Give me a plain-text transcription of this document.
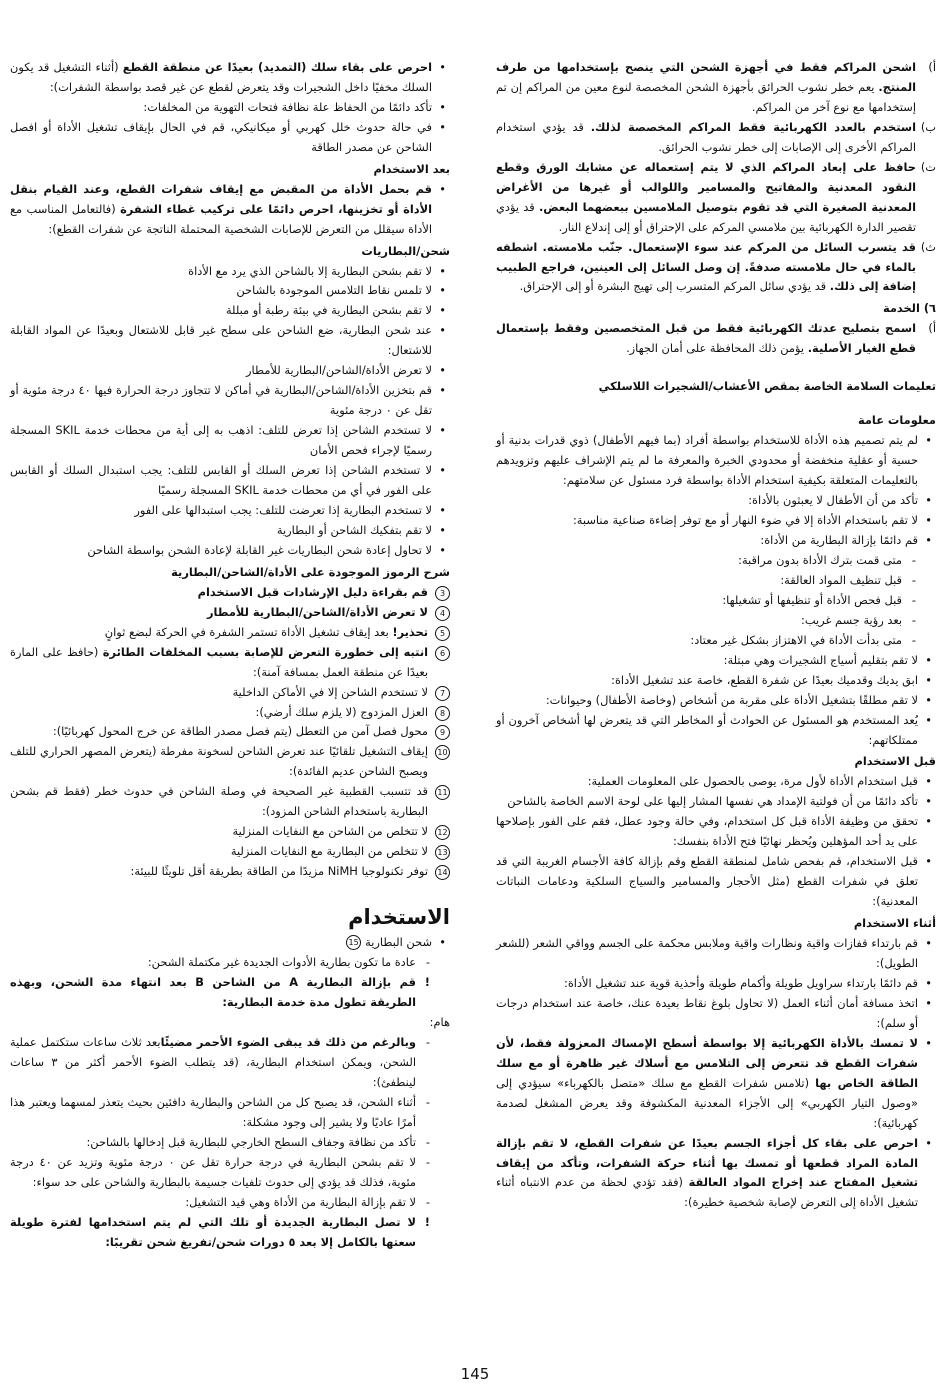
أ)
اشحن المراكم فقط في أجهزة الشحن التي ينصح بإستخدامها من طرف المنتج. يعم خطر نشوب الحرائق بأجهزة الشحن المخصصة لنوع معين من المراكم إن تم إستخدامها مع نوع آخر من المراكم.
ب)
استخدم بالعدد الكهربائية فقط المراكم المخصصة لذلك. قد يؤدي استخدام المراكم الأخرى إلى الإصابات إلى خطر نشوب الحرائق.
ت)
حافظ على إبعاد المراكم الذي لا يتم إستعماله عن مشابك الورق وقطع النقود المعدنية والمفاتيح والمسامير واللوالب أو غيرها من الأغراض المعدنية الصغيرة التي قد تقوم بتوصيل الملامسين ببعضهما البعض. قد يؤدي تقصير الدارة الكهربائية بين ملامسي المركم على الإحتراق أو إلى إندلاع النار.
ث)
قد يتسرب السائل من المركم عند سوء الإستعمال. جنّب ملامسته. اشطفه بالماء في حال ملامسته صدفةً. إن وصل السائل إلى العينين، فراجع الطبيب إضافة إلى ذلك. قد يؤدي سائل المركم المتسرب إلى تهيج البشرة أو إلى الإحتراق.
٦) الخدمة
أ)
اسمح بتصليح عدتك الكهربائية فقط من قبل المتخصصين وفقط بإستعمال قطع الغيار الأصلية. يؤمن ذلك المحافظة على أمان الجهاز.
تعليمات السلامة الخاصة بمقص الأعشاب/الشجيرات اللاسلكي
معلومات عامة
• لم يتم تصميم هذه الأداة للاستخدام بواسطة أفراد (بما فيهم الأطفال) ذوي قدرات بدنية أو حسية أو عقلية منخفضة أو محدودي الخبرة والمعرفة ما لم يتم الإشراف عليهم وتزويدهم بالتعليمات المتعلقة بكيفية استخدام الأداة بواسطة فرد مسئول عن سلامتهم:
• تأكد من أن الأطفال لا يعبثون بالأداة:
• لا تقم باستخدام الأداة إلا في ضوء النهار أو مع توفر إضاءة صناعية مناسبة:
• قم دائمًا بإزالة البطارية من الأداة:
- متى قمت بترك الأداة بدون مراقبة:
- قبل تنظيف المواد العالقة:
- قبل فحص الأداة أو تنظيفها أو تشغيلها:
- بعد رؤية جسم غريب:
- متى بدأت الأداة في الاهتزاز بشكل غير معتاد:
• لا تقم بتقليم أسياج الشجيرات وهي مبتلة:
• ابق يديك وقدميك بعيدًا عن شفرة القطع، خاصة عند تشغيل الأداة:
• لا تقم مطلقًا بتشغيل الأداة على مقربة من أشخاص (وخاصة الأطفال) وحيوانات:
• يُعد المستخدم هو المسئول عن الحوادث أو المخاطر التي قد يتعرض لها أشخاص آخرون أو ممتلكاتهم:
قبل الاستخدام
• قبل استخدام الأداة لأول مرة، يوصى بالحصول على المعلومات العملية:
• تأكد دائمًا من أن فولتية الإمداد هي نفسها المشار إليها على لوحة الاسم الخاصة بالشاحن
• تحقق من وظيفة الأداة قبل كل استخدام، وفي حالة وجود عطل، فقم على الفور بإصلاحها على يد أحد المؤهلين ويُحظر نهائيًا فتح الأداة بنفسك:
• قبل الاستخدام، قم بفحص شامل لمنطقة القطع وقم بإزالة كافة الأجسام الغريبة التي قد تعلق في شفرات القطع (مثل الأحجار والمسامير والسياج السلكية ودعامات النباتات المعدنية):
أثناء الاستخدام
• قم بارتداء قفازات واقية ونظارات واقية وملابس محكمة على الجسم وواقي الشعر (للشعر الطويل):
• قم دائمًا بارتداء سراويل طويلة وأكمام طويلة وأحذية قوية عند تشغيل الأداة:
• اتخذ مسافة أمان أثناء العمل (لا تحاول بلوغ نقاط بعيدة عنك، خاصة عند استخدام درجات أو سلم):
• لا تمسك بالأداة الكهربائية إلا بواسطة أسطح الإمساك المعزولة فقط، لأن شفرات القطع قد تتعرض إلى التلامس مع أسلاك غير ظاهرة أو مع سلك الطاقة الخاص بها (تلامس شفرات القطع مع سلك «متصل بالكهرباء» سيؤدي إلى «وصول التيار الكهربي» إلى الأجزاء المعدنية المكشوفة وقد يعرض المشغل لصدمة كهربائية):
• احرص على بقاء كل أجزاء الجسم بعيدًا عن شفرات القطع، لا تقم بإزالة المادة المراد قطعها أو تمسك بها أثناء حركة الشفرات، وتأكد من إيقاف تشغيل المفتاح عند إخراج المواد العالقة (فقد تؤدي لحظة من عدم الانتباه أثناء تشغيل الأداة إلى التعرض لإصابة شخصية خطيرة):
• احرص على بقاء سلك (التمديد) بعيدًا عن منطقة القطع (أثناء التشغيل قد يكون السلك مخفيًا داخل الشجيرات وقد يتعرض لقطع عن غير قصد بواسطة الشفرات):
• تأكد دائمًا من الحفاظ علة نظافة فتحات التهوية من المخلفات:
• في حالة حدوث خلل كهربي أو ميكانيكي، قم في الحال بإيقاف تشغيل الأداة أو افصل الشاحن عن مصدر الطاقة
بعد الاستخدام
• قم بحمل الأداة من المقبض مع إيقاف شفرات القطع، وعند القيام بنقل الأداة أو تخزينها، احرص دائمًا على تركيب غطاء الشفرة (فالتعامل المناسب مع الأداة سيقلل من التعرض للإصابات الشخصية المحتملة الناتجة عن شفرات القطع):
شحن/البطاريات
• لا تقم بشحن البطارية إلا بالشاحن الذي يرد مع الأداة
• لا تلمس نقاط التلامس الموجودة بالشاحن
• لا تقم بشحن البطارية في بيئة رطبة أو مبللة
• عند شحن البطارية، ضع الشاحن على سطح غير قابل للاشتعال وبعيدًا عن المواد القابلة للاشتعال:
• لا تعرض الأداة/الشاحن/البطارية للأمطار
• قم بتخزين الأداة/الشاحن/البطارية في أماكن لا تتجاوز درجة الحرارة فيها ٤٠ درجة مئوية أو تقل عن ٠ درجة مئوية
• لا تستخدم الشاحن إذا تعرض للتلف: اذهب به إلى أية من محطات خدمة SKIL المسجلة رسميًا لإجراء فحص الأمان
• لا تستخدم الشاحن إذا تعرض السلك أو القابس للتلف: يجب استبدال السلك أو القابس على الفور في أي من محطات خدمة SKIL المسجلة رسميًا
• لا تستخدم البطارية إذا تعرضت للتلف: يجب استبدالها على الفور
• لا تقم بتفكيك الشاحن أو البطارية
• لا تحاول إعادة شحن البطاريات غير القابلة لإعادة الشحن بواسطة الشاحن
شرح الرموز الموجودة على الأداة/الشاحن/البطارية
3
قم بقراءة دليل الإرشادات قبل الاستخدام
4
لا تعرض الأداة/الشاحن/البطارية للأمطار
5
تحذير! بعد إيقاف تشغيل الأداة تستمر الشفرة في الحركة لبضع ثوانٍ
6
انتبه إلى خطورة التعرض للإصابة بسبب المخلفات الطائرة (حافظ على المارة بعيدًا عن منطقة العمل بمسافة آمنة):
7
لا تستخدم الشاحن إلا في الأماكن الداخلية
8
العزل المزدوج (لا يلزم سلك أرضي):
9
محول فصل آمن من التعطل (يتم فصل مصدر الطاقة عن خرج المحول كهربائيًا):
10
إيقاف التشغيل تلقائيًا عند تعرض الشاحن لسخونة مفرطة (يتعرض المصهر الحراري للتلف ويصبح الشاحن عديم الفائدة):
11
قد تتسبب القطبية غير الصحيحة في وصلة الشاحن في حدوث خطر (فقط قم بشحن البطارية باستخدام الشاحن المزود):
12
لا تتخلص من الشاحن مع النفايات المنزلية
13
لا تتخلص من البطارية مع النفايات المنزلية
14
توفر تكنولوجيا NiMH مزيدًا من الطاقة بطريقة أقل تلويثًا للبيئة:
الاستخدام
• شحن البطارية15
- عادة ما تكون بطارية الأدوات الجديدة غير مكتملة الشحن:
! قم بإزالة البطارية A من الشاحن B بعد انتهاء مدة الشحن، وبهذه الطريقة تطول مدة خدمة البطارية:
هام:
- وبالرغم من ذلك قد يبقى الضوء الأحمر مضيئًابعد ثلاث ساعات ستكتمل عملية الشحن، ويمكن استخدام البطارية، (قد يتطلب الضوء الأحمر أكثر من ٣ ساعات لينطفئ):
- أثناء الشحن، قد يصبح كل من الشاحن والبطارية دافئين بحيث يتعذر لمسهما ويعتبر هذا أمرًا عاديًا ولا يشير إلى وجود مشكلة:
- تأكد من نظافة وجفاف السطح الخارجي للبطارية قبل إدخالها بالشاحن:
- لا تقم بشحن البطارية في درجة حرارة تقل عن ٠ درجة مئوية وتزيد عن ٤٠ درجة مئوية، فذلك قد يؤدي إلى حدوث تلفيات جسيمة بالبطارية والشاحن على حد سواء:
- لا تقم بإزالة البطارية من الأداة وهي قيد التشغيل:
! لا تصل البطارية الجديدة أو تلك التي لم يتم استخدامها لفترة طويلة سعتها بالكامل إلا بعد ٥ دورات شحن/تفريغ شحن تقريبًا:
145
